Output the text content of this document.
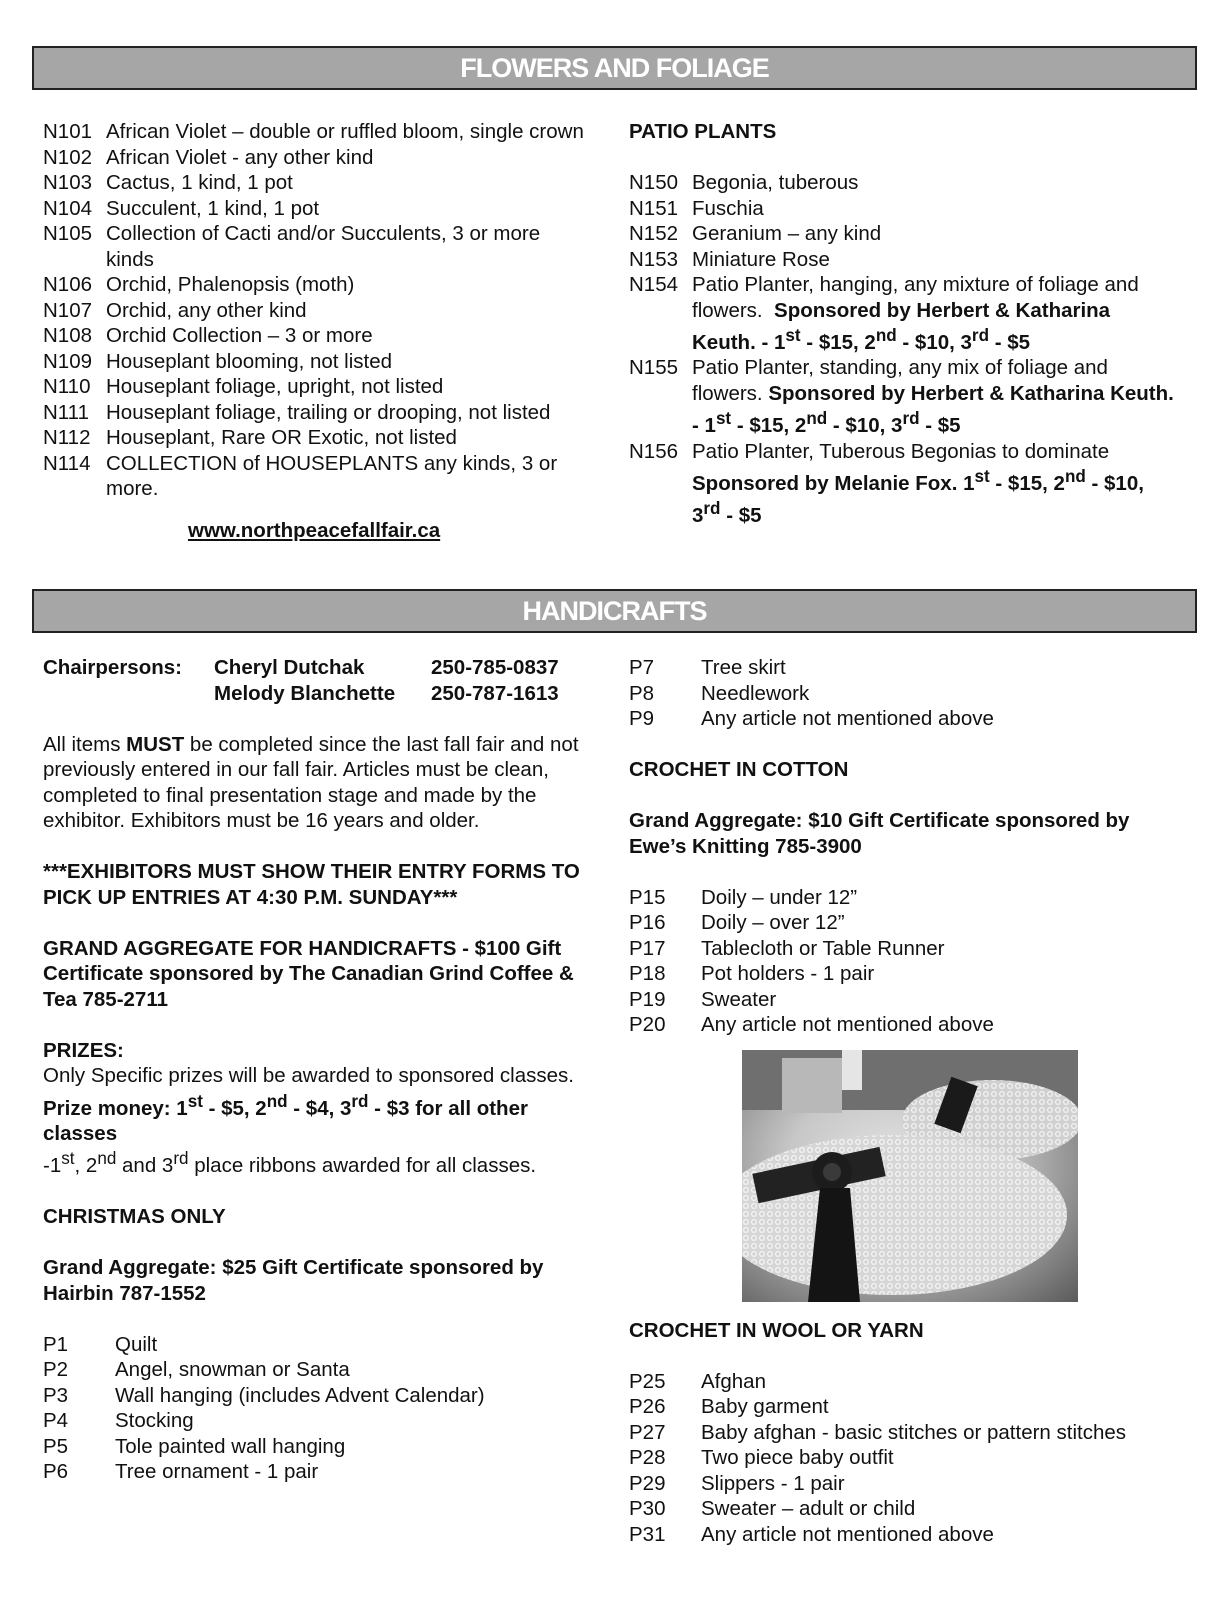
FLOWERS AND FOLIAGE
N101 African Violet – double or ruffled bloom, single crown
N102 African Violet - any other kind
N103 Cactus, 1 kind, 1 pot
N104 Succulent, 1 kind, 1 pot
N105 Collection of Cacti and/or Succulents, 3 or more kinds
N106 Orchid, Phalenopsis (moth)
N107 Orchid, any other kind
N108 Orchid Collection – 3 or more
N109 Houseplant blooming, not listed
N110 Houseplant foliage, upright, not listed
N111 Houseplant foliage, trailing or drooping, not listed
N112 Houseplant, Rare OR Exotic, not listed
N114 COLLECTION of HOUSEPLANTS any kinds, 3 or more.
www.northpeacefallfair.ca
PATIO PLANTS
N150 Begonia, tuberous
N151 Fuschia
N152 Geranium – any kind
N153 Miniature Rose
N154 Patio Planter, hanging, any mixture of foliage and flowers. Sponsored by Herbert & Katharina Keuth. - 1st - $15, 2nd - $10, 3rd - $5
N155 Patio Planter, standing, any mix of foliage and flowers. Sponsored by Herbert & Katharina Keuth. - 1st - $15, 2nd - $10, 3rd - $5
N156 Patio Planter, Tuberous Begonias to dominate Sponsored by Melanie Fox. 1st - $15, 2nd - $10, 3rd - $5
HANDICRAFTS
Chairpersons:	Cheryl Dutchak	250-785-0837
Melody Blanchette	250-787-1613
All items MUST be completed since the last fall fair and not previously entered in our fall fair. Articles must be clean, completed to final presentation stage and made by the exhibitor. Exhibitors must be 16 years and older.
***EXHIBITORS MUST SHOW THEIR ENTRY FORMS TO PICK UP ENTRIES AT 4:30 P.M. SUNDAY***
GRAND AGGREGATE FOR HANDICRAFTS - $100 Gift Certificate sponsored by The Canadian Grind Coffee & Tea 785-2711
PRIZES:
Only Specific prizes will be awarded to sponsored classes.
Prize money: 1st - $5, 2nd - $4, 3rd - $3 for all other classes
-1st, 2nd and 3rd place ribbons awarded for all classes.
CHRISTMAS ONLY
Grand Aggregate: $25 Gift Certificate sponsored by Hairbin 787-1552
P1	Quilt
P2	Angel, snowman or Santa
P3	Wall hanging (includes Advent Calendar)
P4	Stocking
P5	Tole painted wall hanging
P6	Tree ornament - 1 pair
P7	Tree skirt
P8	Needlework
P9	Any article not mentioned above
CROCHET IN COTTON
Grand Aggregate: $10 Gift Certificate sponsored by Ewe’s Knitting 785-3900
P15	Doily – under 12”
P16	Doily – over 12”
P17	Tablecloth or Table Runner
P18	Pot holders - 1 pair
P19	Sweater
P20	Any article not mentioned above
CROCHET IN WOOL OR YARN
P25	Afghan
P26	Baby garment
P27	Baby afghan - basic stitches or pattern stitches
P28	Two piece baby outfit
P29	Slippers - 1 pair
P30	Sweater – adult or child
P31	Any article not mentioned above
